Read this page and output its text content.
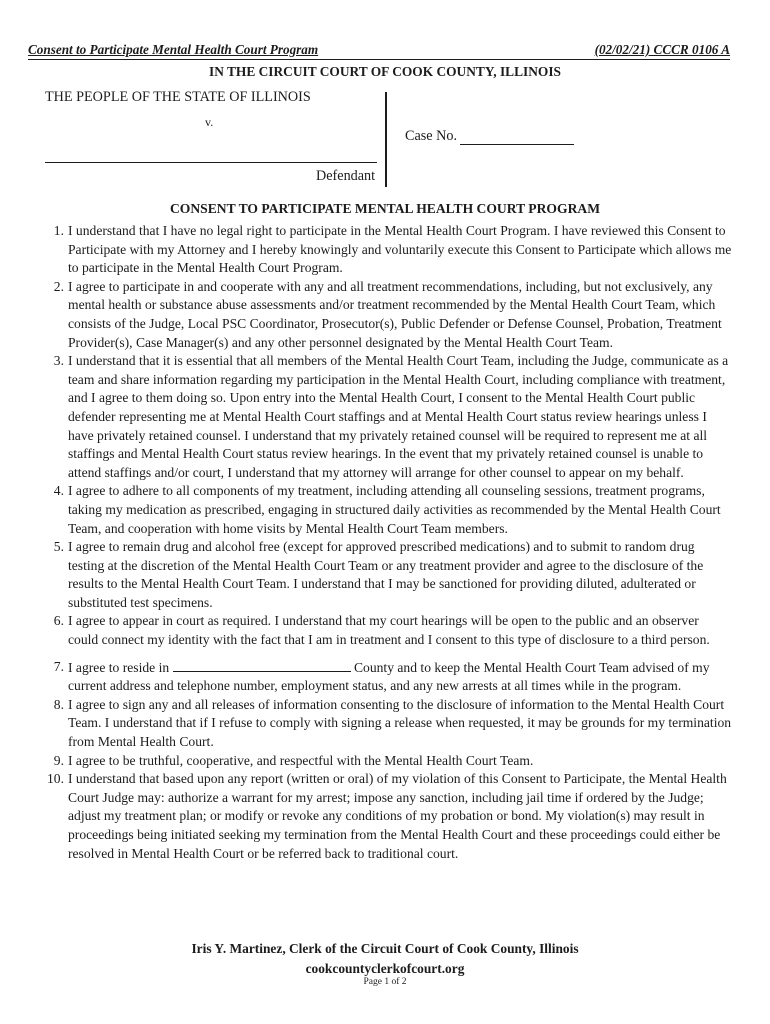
Consent to Participate Mental Health Court Program	(02/02/21) CCCR 0106 A
IN THE CIRCUIT COURT OF COOK COUNTY, ILLINOIS
THE PEOPLE OF THE STATE OF ILLINOIS
v.
Case No.
Defendant
CONSENT TO PARTICIPATE MENTAL HEALTH COURT PROGRAM
1. I understand that I have no legal right to participate in the Mental Health Court Program. I have reviewed this Consent to Participate with my Attorney and I hereby knowingly and voluntarily execute this Consent to Participate which allows me to participate in the Mental Health Court Program.
2. I agree to participate in and cooperate with any and all treatment recommendations, including, but not exclusively, any mental health or substance abuse assessments and/or treatment recommended by the Mental Health Court Team, which consists of the Judge, Local PSC Coordinator, Prosecutor(s), Public Defender or Defense Counsel, Probation, Treatment Provider(s), Case Manager(s) and any other personnel designated by the Mental Health Court Team.
3. I understand that it is essential that all members of the Mental Health Court Team, including the Judge, communicate as a team and share information regarding my participation in the Mental Health Court, including compliance with treatment, and I agree to them doing so. Upon entry into the Mental Health Court, I consent to the Mental Health Court public defender representing me at Mental Health Court staffings and at Mental Health Court status review hearings unless I have privately retained counsel. I understand that my privately retained counsel will be required to represent me at all staffings and Mental Health Court status review hearings. In the event that my privately retained counsel is unable to attend staffings and/or court, I understand that my attorney will arrange for other counsel to appear on my behalf.
4. I agree to adhere to all components of my treatment, including attending all counseling sessions, treatment programs, taking my medication as prescribed, engaging in structured daily activities as recommended by the Mental Health Court Team, and cooperation with home visits by Mental Health Court Team members.
5. I agree to remain drug and alcohol free (except for approved prescribed medications) and to submit to random drug testing at the discretion of the Mental Health Court Team or any treatment provider and agree to the disclosure of the results to the Mental Health Court Team. I understand that I may be sanctioned for providing diluted, adulterated or substituted test specimens.
6. I agree to appear in court as required. I understand that my court hearings will be open to the public and an observer could connect my identity with the fact that I am in treatment and I consent to this type of disclosure to a third person.
7. I agree to reside in	County and to keep the Mental Health Court Team advised of my current address and telephone number, employment status, and any new arrests at all times while in the program.
8. I agree to sign any and all releases of information consenting to the disclosure of information to the Mental Health Court Team. I understand that if I refuse to comply with signing a release when requested, it may be grounds for my termination from Mental Health Court.
9. I agree to be truthful, cooperative, and respectful with the Mental Health Court Team.
10. I understand that based upon any report (written or oral) of my violation of this Consent to Participate, the Mental Health Court Judge may: authorize a warrant for my arrest; impose any sanction, including jail time if ordered by the Judge; adjust my treatment plan; or modify or revoke any conditions of my probation or bond. My violation(s) may result in proceedings being initiated seeking my termination from the Mental Health Court and these proceedings could either be resolved in Mental Health Court or be referred back to traditional court.
Iris Y. Martinez, Clerk of the Circuit Court of Cook County, Illinois
cookcountyclerkofcourt.org
Page 1 of 2
